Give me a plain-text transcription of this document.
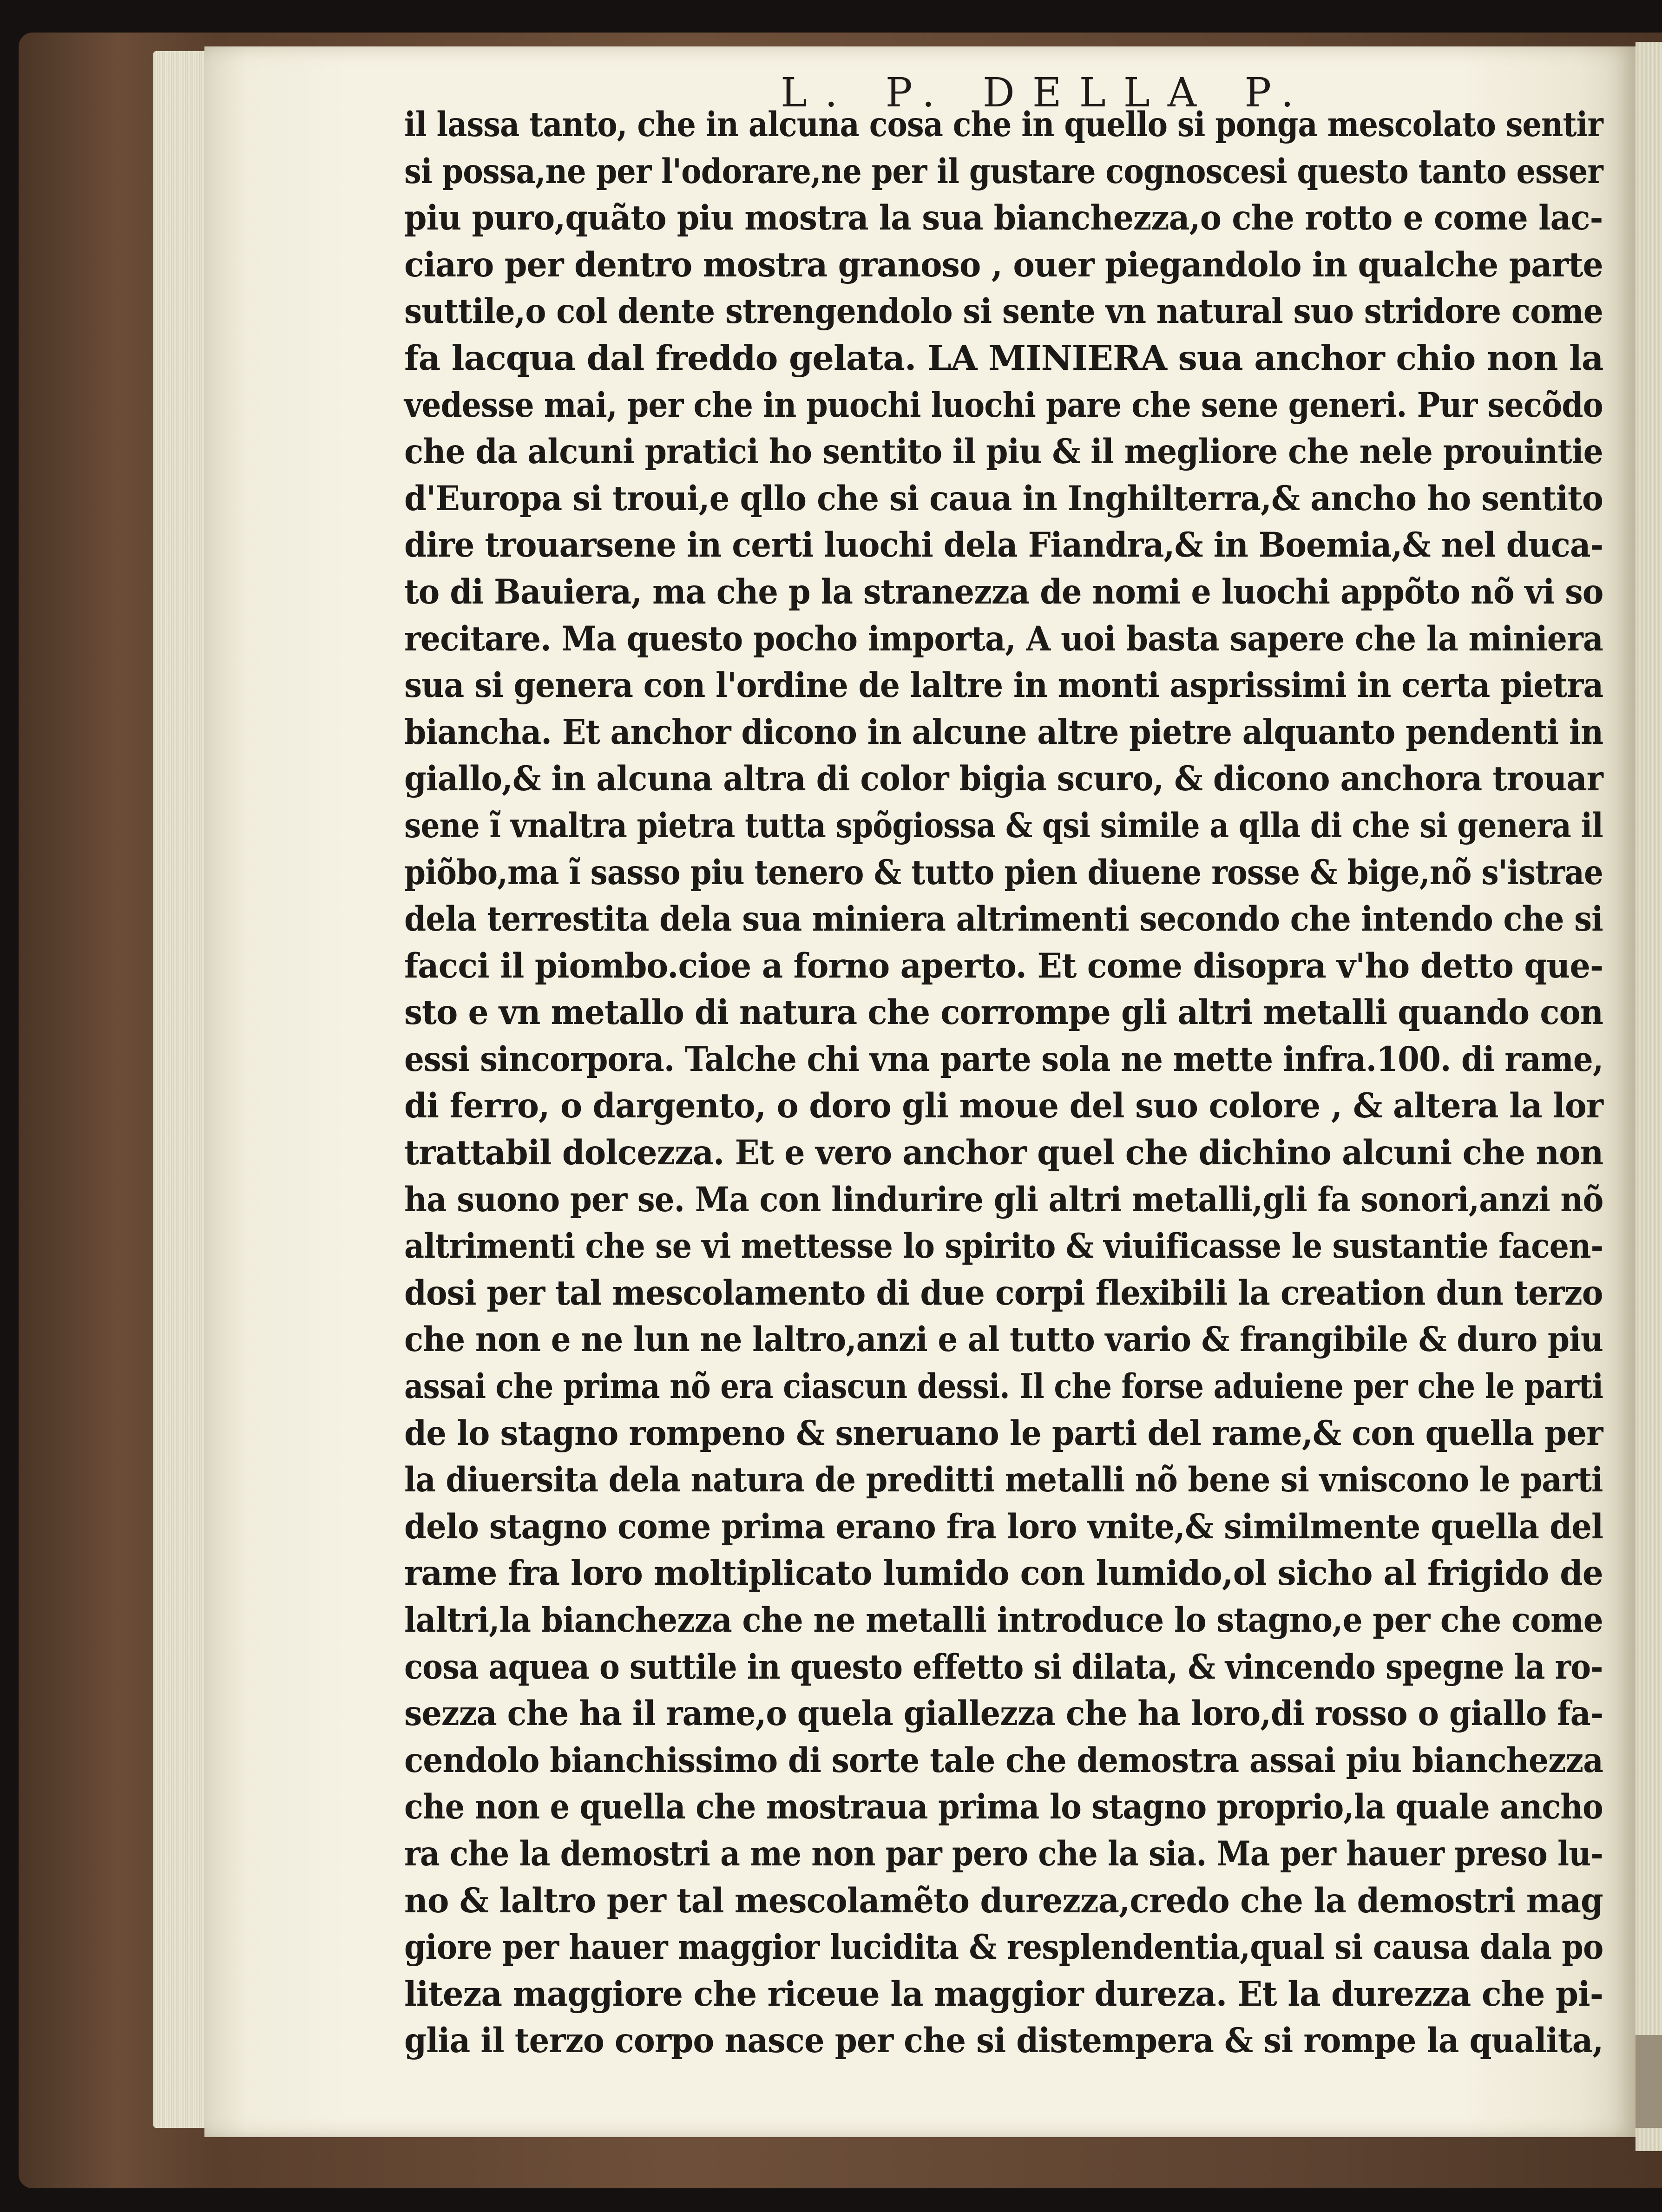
L. P. DELLA P.
il lassa tanto, che in alcuna cosa che in quello si ponga mescolato sentir
si possa,ne per l'odorare,ne per il gustare cognoscesi questo tanto esser
piu puro,quãto piu mostra la sua bianchezza,o che rotto e come lac-
ciaro per dentro mostra granoso , ouer piegandolo in qualche parte
suttile,o col dente strengendolo si sente vn natural suo stridore come
fa lacqua dal freddo gelata. LA MINIERA sua anchor chio non la
vedesse mai, per che in puochi luochi pare che sene generi. Pur secõdo
che da alcuni pratici ho sentito il piu & il megliore che nele prouintie
d'Europa si troui,e qllo che si caua in Inghilterra,& ancho ho sentito
dire trouarsene in certi luochi dela Fiandra,& in Boemia,& nel duca-
to di Bauiera, ma che p la stranezza de nomi e luochi appõto nõ vi so
recitare. Ma questo pocho importa, A uoi basta sapere che la miniera
sua si genera con l'ordine de laltre in monti asprissimi in certa pietra
biancha. Et anchor dicono in alcune altre pietre alquanto pendenti in
giallo,& in alcuna altra di color bigia scuro, & dicono anchora trouar
sene ĩ vnaltra pietra tutta spõgiossa & qsi simile a qlla di che si genera il
piõbo,ma ĩ sasso piu tenero & tutto pien diuene rosse & bige,nõ s'istrae
dela terrestita dela sua miniera altrimenti secondo che intendo che si
facci il piombo.cioe a forno aperto. Et come disopra v'ho detto que-
sto e vn metallo di natura che corrompe gli altri metalli quando con
essi sincorpora. Talche chi vna parte sola ne mette infra.100. di rame,
di ferro, o dargento, o doro gli moue del suo colore , & altera la lor
trattabil dolcezza. Et e vero anchor quel che dichino alcuni che non
ha suono per se. Ma con lindurire gli altri metalli,gli fa sonori,anzi nõ
altrimenti che se vi mettesse lo spirito & viuificasse le sustantie facen-
dosi per tal mescolamento di due corpi flexibili la creation dun terzo
che non e ne lun ne laltro,anzi e al tutto vario & frangibile & duro piu
assai che prima nõ era ciascun dessi. Il che forse aduiene per che le parti
de lo stagno rompeno & sneruano le parti del rame,& con quella per
la diuersita dela natura de preditti metalli nõ bene si vniscono le parti
delo stagno come prima erano fra loro vnite,& similmente quella del
rame fra loro moltiplicato lumido con lumido,ol sicho al frigido de
laltri,la bianchezza che ne metalli introduce lo stagno,e per che come
cosa aquea o suttile in questo effetto si dilata, & vincendo spegne la ro-
sezza che ha il rame,o quela giallezza che ha loro,di rosso o giallo fa-
cendolo bianchissimo di sorte tale che demostra assai piu bianchezza
che non e quella che mostraua prima lo stagno proprio,la quale ancho
ra che la demostri a me non par pero che la sia. Ma per hauer preso lu-
no & laltro per tal mescolamẽto durezza,credo che la demostri mag
giore per hauer maggior lucidita & resplendentia,qual si causa dala po
liteza maggiore che riceue la maggior dureza. Et la durezza che pi-
glia il terzo corpo nasce per che si distempera & si rompe la qualita,
